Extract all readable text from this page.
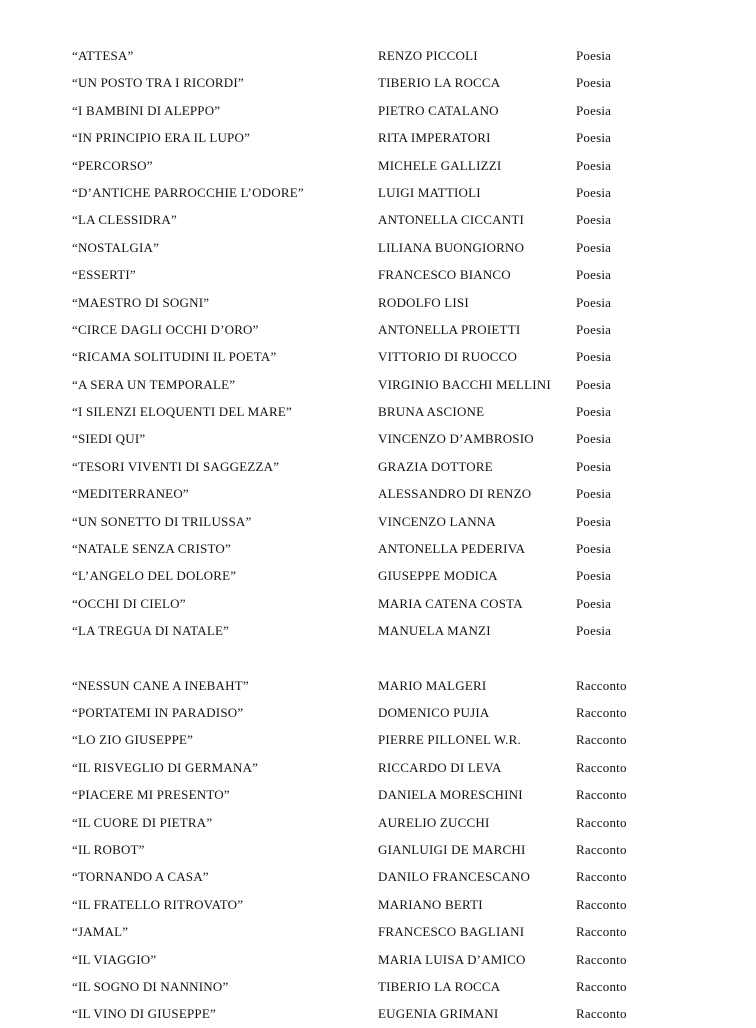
“ATTESA”	RENZO PICCOLI	Poesia
“UN POSTO TRA I RICORDI”	TIBERIO LA ROCCA	Poesia
“I BAMBINI DI ALEPPO”	PIETRO CATALANO	Poesia
“IN PRINCIPIO ERA IL LUPO”	RITA IMPERATORI	Poesia
“PERCORSO”	MICHELE GALLIZZI	Poesia
“D’ANTICHE PARROCCHIE L’ODORE”	LUIGI MATTIOLI	Poesia
“LA CLESSIDRA”	ANTONELLA CICCANTI	Poesia
“NOSTALGIA”	LILIANA BUONGIORNO	Poesia
“ESSERTI”	FRANCESCO BIANCO	Poesia
“MAESTRO DI SOGNI”	RODOLFO LISI	Poesia
“CIRCE DAGLI OCCHI D’ORO”	ANTONELLA PROIETTI	Poesia
“RICAMA SOLITUDINI IL POETA”	VITTORIO DI RUOCCO	Poesia
“A SERA UN TEMPORALE”	VIRGINIO BACCHI MELLINI Poesia
“I SILENZI ELOQUENTI DEL MARE”	BRUNA ASCIONE	Poesia
“SIEDI QUI”	VINCENZO D’AMBROSIO	Poesia
“TESORI VIVENTI DI SAGGEZZA”	GRAZIA DOTTORE	Poesia
“MEDITERRANEO”	ALESSANDRO DI RENZO	Poesia
“UN SONETTO DI TRILUSSA”	VINCENZO LANNA	Poesia
“NATALE SENZA CRISTO”	ANTONELLA PEDERIVA	Poesia
“L’ANGELO DEL DOLORE”	GIUSEPPE MODICA	Poesia
“OCCHI DI CIELO”	MARIA CATENA COSTA	Poesia
“LA TREGUA DI NATALE”	MANUELA MANZI	Poesia
“NESSUN CANE A INEBAHT”	MARIO MALGERI	Racconto
“PORTATEMI IN PARADISO”	DOMENICO PUJIA	Racconto
“LO ZIO GIUSEPPE”	PIERRE PILLONEL W.R.	Racconto
“IL RISVEGLIO DI GERMANA”	RICCARDO DI LEVA	Racconto
“PIACERE MI PRESENTO”	DANIELA MORESCHINI	Racconto
“IL CUORE DI PIETRA”	AURELIO ZUCCHI	Racconto
“IL ROBOT”	GIANLUIGI DE MARCHI	Racconto
“TORNANDO A CASA”	DANILO FRANCESCANO	Racconto
“IL FRATELLO RITROVATO”	MARIANO BERTI	Racconto
“JAMAL”	FRANCESCO BAGLIANI	Racconto
“IL VIAGGIO”	MARIA LUISA D’AMICO	Racconto
“IL SOGNO DI NANNINO”	TIBERIO LA ROCCA	Racconto
“IL VINO DI GIUSEPPE”	EUGENIA GRIMANI	Racconto
